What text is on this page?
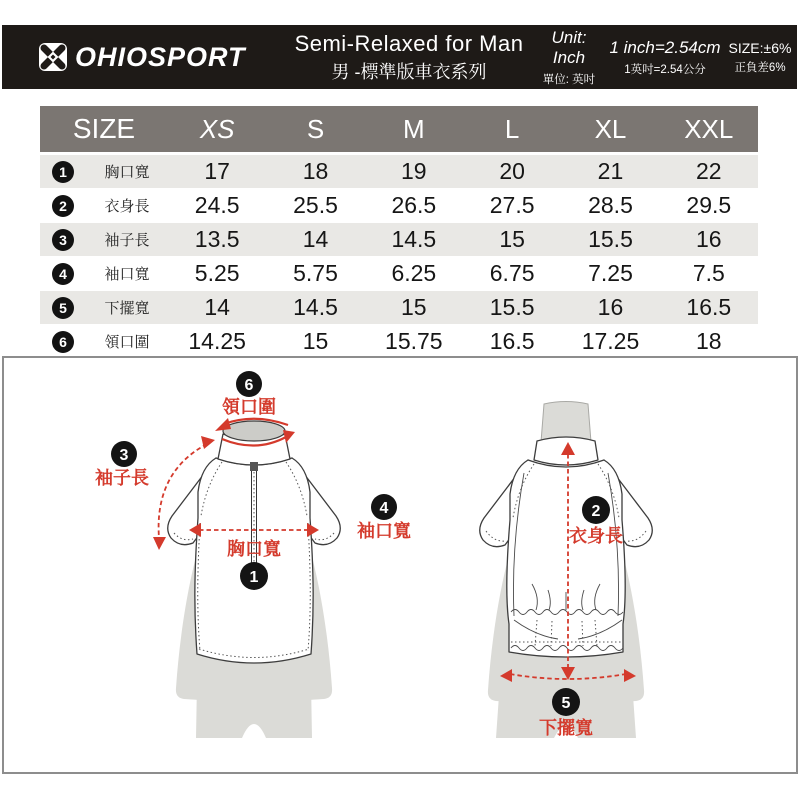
OHIOSPORT	Semi-Relaxed for Man
男 -標準版車衣系列
Unit: Inch
單位: 英吋
1 inch=2.54cm
1英吋=2.54公分
SIZE:±6%
正負差6%
SIZE	XS	S	M	L	XL	XXL
1	胸口寬	17	18	19	20	21	22
2	衣身長	24.5	25.5	26.5	27.5	28.5	29.5
3	袖子長	13.5	14	14.5	15	15.5	16
4	袖口寬	5.25	5.75	6.25	6.75	7.25	7.5
5	下擺寬	14	14.5	15	15.5	16	16.5
6	領口圍	14.25	15	15.75	16.5	17.25	18
6
領口圍
3
袖子長
胸口寬
1
4
袖口寬
2
衣身長
5
下擺寬
